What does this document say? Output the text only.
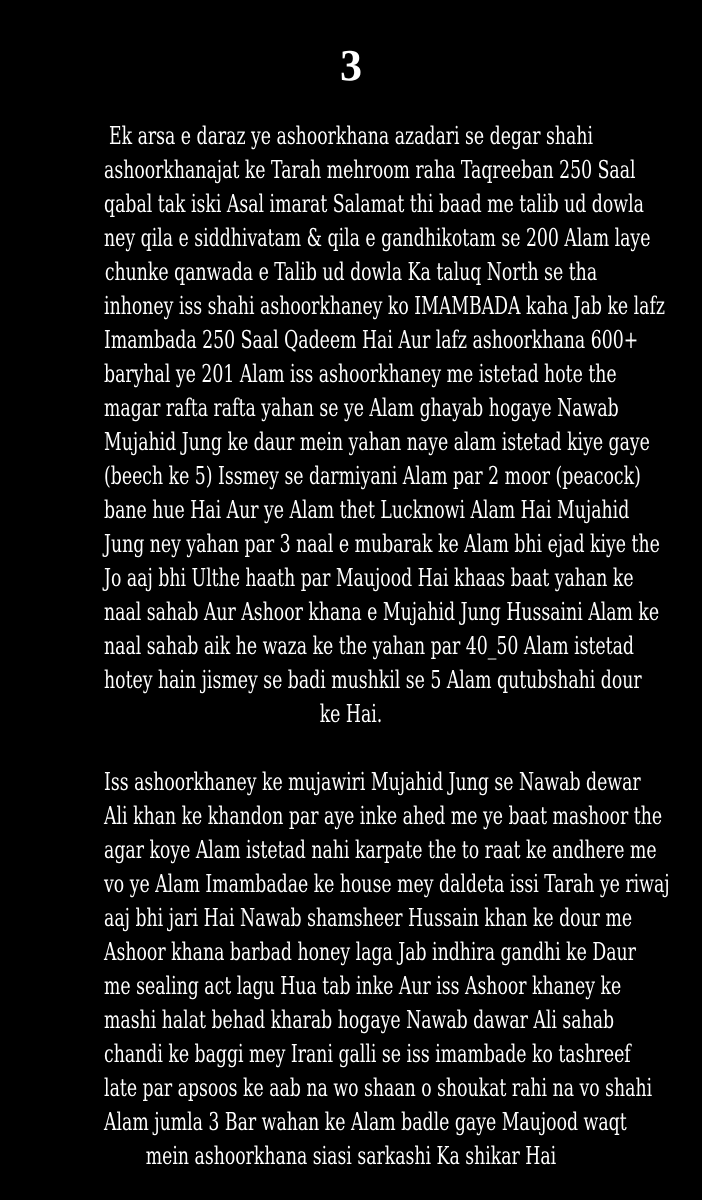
3
Ek arsa e daraz ye ashoorkhana azadari se degar shahi
ashoorkhanajat ke Tarah mehroom raha Taqreeban 250 Saal
qabal tak iski Asal imarat Salamat thi baad me talib ud dowla
ney qila e siddhivatam & qila e gandhikotam se 200 Alam laye
chunke qanwada e Talib ud dowla Ka taluq North se tha
inhoney iss shahi ashoorkhaney ko IMAMBADA kaha Jab ke lafz
Imambada 250 Saal Qadeem Hai Aur lafz ashoorkhana 600+
baryhal ye 201 Alam iss ashoorkhaney me istetad hote the
magar rafta rafta yahan se ye Alam ghayab hogaye Nawab
Mujahid Jung ke daur mein yahan naye alam istetad kiye gaye
(beech ke 5) Issmey se darmiyani Alam par 2 moor (peacock)
bane hue Hai Aur ye Alam thet Lucknowi Alam Hai Mujahid
Jung ney yahan par 3 naal e mubarak ke Alam bhi ejad kiye the
Jo aaj bhi Ulthe haath par Maujood Hai khaas baat yahan ke
naal sahab Aur Ashoor khana e Mujahid Jung Hussaini Alam ke
naal sahab aik he waza ke the yahan par 40_50 Alam istetad
hotey hain jismey se badi mushkil se 5 Alam qutubshahi dour
ke Hai.
Iss ashoorkhaney ke mujawiri Mujahid Jung se Nawab dewar
Ali khan ke khandon par aye inke ahed me ye baat mashoor the
agar koye Alam istetad nahi karpate the to raat ke andhere me
vo ye Alam Imambadae ke house mey daldeta issi Tarah ye riwaj
aaj bhi jari Hai Nawab shamsheer Hussain khan ke dour me
Ashoor khana barbad honey laga Jab indhira gandhi ke Daur
me sealing act lagu Hua tab inke Aur iss Ashoor khaney ke
mashi halat behad kharab hogaye Nawab dawar Ali sahab
chandi ke baggi mey Irani galli se iss imambade ko tashreef
late par apsoos ke aab na wo shaan o shoukat rahi na vo shahi
Alam jumla 3 Bar wahan ke Alam badle gaye Maujood waqt
mein ashoorkhana siasi sarkashi Ka shikar Hai
